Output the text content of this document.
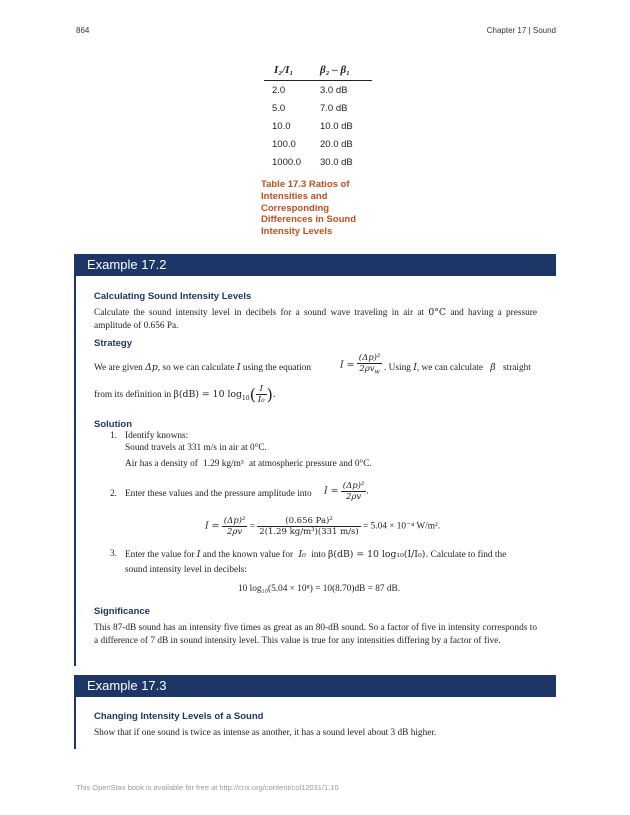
864	Chapter 17 | Sound
I₂/I₁	β₂ – β₁
2.0	3.0 dB
5.0	7.0 dB
10.0	10.0 dB
100.0	20.0 dB
1000.0	30.0 dB
Table 17.3 Ratios of Intensities and Corresponding Differences in Sound Intensity Levels
Example 17.2
Calculating Sound Intensity Levels
Calculate the sound intensity level in decibels for a sound wave traveling in air at 0°C and having a pressure amplitude of 0.656 Pa.
Strategy
We are given Δp, so we can calculate I using the equation	$I = \frac{\text{(Δp)²}}{2\rho v_w}$ . Using I, we can calculate β straight
from its definition in β(dB) = 10 $\log_{10}( \frac{I}{\text{I₀}}$ ).
Solution
1. Identify knowns:
Sound travels at 331 m/s in air at 0°C.
Air has a density of 1.29 kg/m³ at atmospheric pressure and 0°C.
2. Enter these values and the pressure amplitude into $I = \frac{\text{(Δp)²}}{2\rho v}$ .
$I = \frac{\text{(Δp)²}}{2\rho v} = \frac{\text{(0.656 Pa)²}}{\text{2(1.29 kg/m³)(331 m/s)}} = 5.04 \times 10^{-4}$ W/m².
3. Enter the value for I and the known value for I₀ into β(dB) = 10 log₁₀(I/I₀). Calculate to find the
sound intensity level in decibels:
10 log₁₀(5.04 × 10⁸) = 10(8.70)dB = 87 dB.
Significance
This 87-dB sound has an intensity five times as great as an 80-dB sound. So a factor of five in intensity corresponds to a difference of 7 dB in sound intensity level. This value is true for any intensities differing by a factor of five.
Example 17.3
Changing Intensity Levels of a Sound
Show that if one sound is twice as intense as another, it has a sound level about 3 dB higher.
This OpenStax book is available for free at http://cnx.org/content/col12031/1.10
